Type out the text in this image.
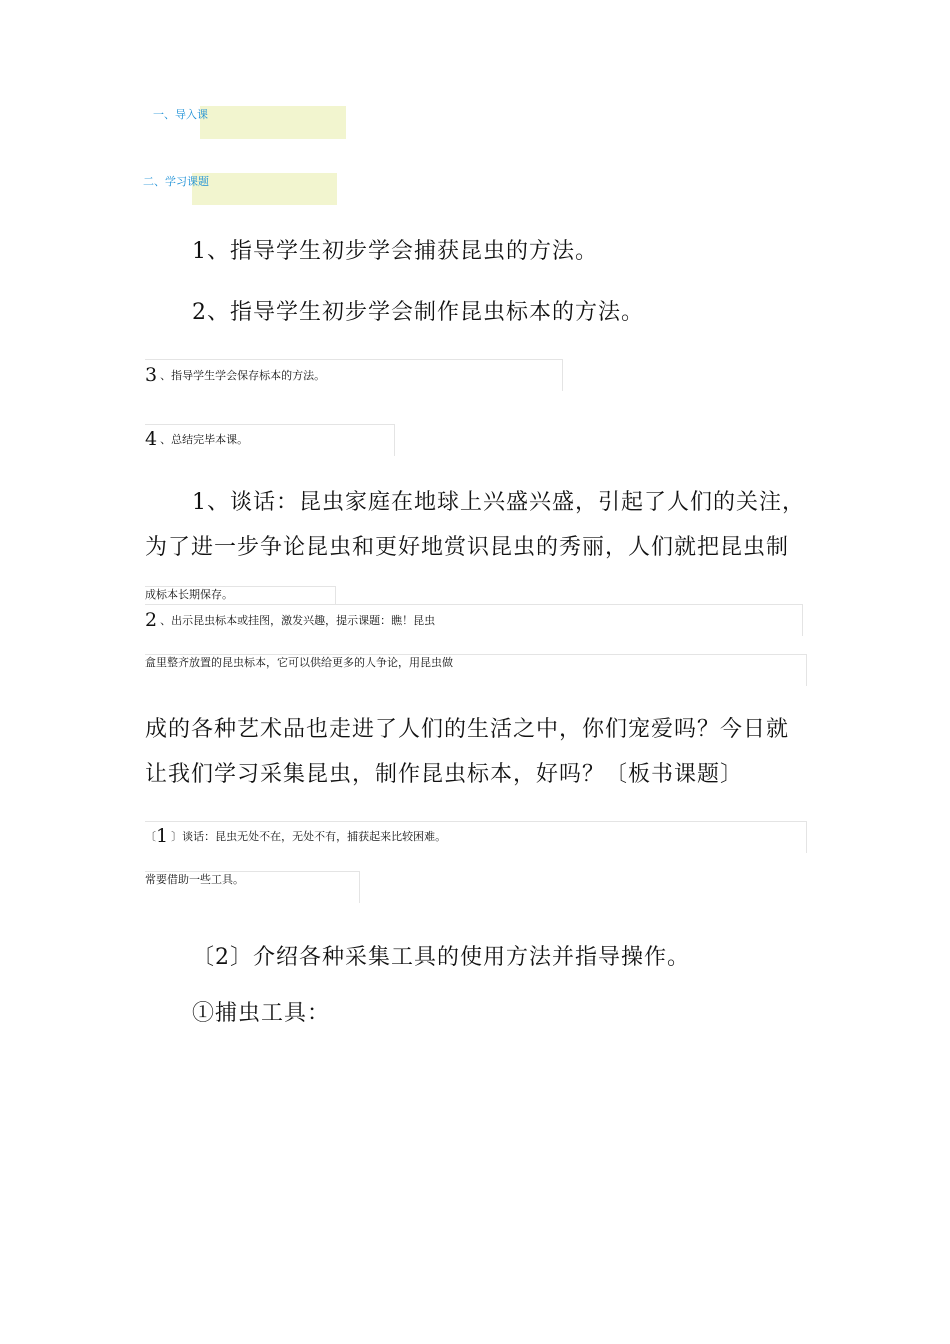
一、导入课
二、学习课题
1、指导学生初步学会捕获昆虫的方法。
2、指导学生初步学会制作昆虫标本的方法。
3 、指导学生学会保存标本的方法。
4 、总结完毕本课。
1、谈话：昆虫家庭在地球上兴盛兴盛，引起了人们的关注，
为了进一步争论昆虫和更好地赏识昆虫的秀丽，人们就把昆虫制
成标本长期保存。
2 、出示昆虫标本或挂图，激发兴趣，提示课题：瞧！昆虫
盒里整齐放置的昆虫标本，它可以供给更多的人争论，用昆虫做
成的各种艺术品也走进了人们的生活之中，你们宠爱吗？今日就
让我们学习采集昆虫，制作昆虫标本，好吗？〔板书课题〕
〔1 〕谈话：昆虫无处不在，无处不有，捕获起来比较困难。
常要借助一些工具。
〔2〕介绍各种采集工具的使用方法并指导操作。
①捕虫工具：
